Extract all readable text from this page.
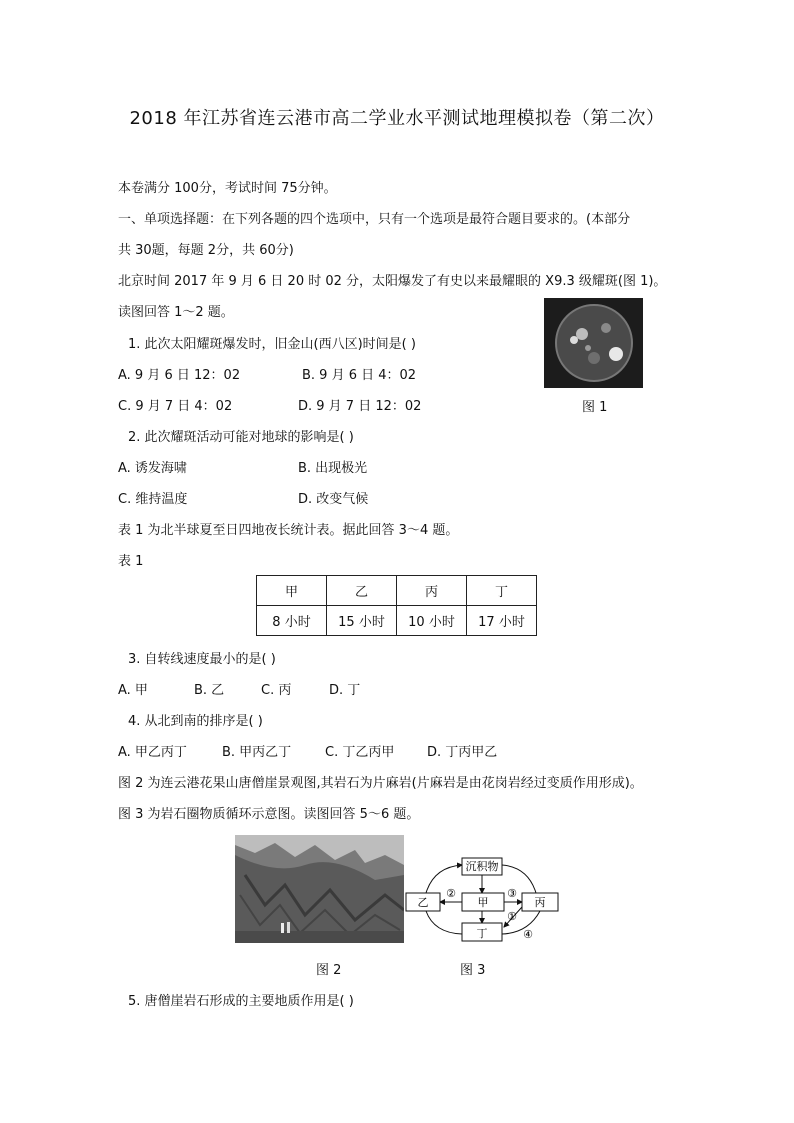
2018 年江苏省连云港市高二学业水平测试地理模拟卷（第二次）
本卷满分 100分，考试时间 75分钟。
一、单项选择题：在下列各题的四个选项中，只有一个选项是最符合题目要求的。(本部分
共 30题，每题 2分，共 60分)
北京时间 2017 年 9 月 6 日 20 时 02 分，太阳爆发了有史以来最耀眼的 X9.3 级耀斑(图 1)。
读图回答 1～2 题。
图 1
1. 此次太阳耀斑爆发时，旧金山(西八区)时间是( )
A. 9 月 6 日 12：02	B. 9 月 6 日 4：02
C. 9 月 7 日 4：02	D. 9 月 7 日 12：02
2. 此次耀斑活动可能对地球的影响是( )
A. 诱发海啸	B. 出现极光
C. 维持温度	D. 改变气候
表 1 为北半球夏至日四地夜长统计表。据此回答 3～4 题。
表 1
甲	乙	丙	丁
8 小时	15 小时	10 小时	17 小时
3. 自转线速度最小的是( )
A. 甲	B. 乙	C. 丙	D. 丁
4. 从北到南的排序是( )
A. 甲乙丙丁	B. 甲丙乙丁	C. 丁乙丙甲	D. 丁丙甲乙
图 2 为连云港花果山唐僧崖景观图,其岩石为片麻岩(片麻岩是由花岗岩经过变质作用形成)。
图 3 为岩石圈物质循环示意图。读图回答 5～6 题。
图 2
沉积物
乙	甲	丙
丁
②	③
①
④
图 3
5. 唐僧崖岩石形成的主要地质作用是( )
